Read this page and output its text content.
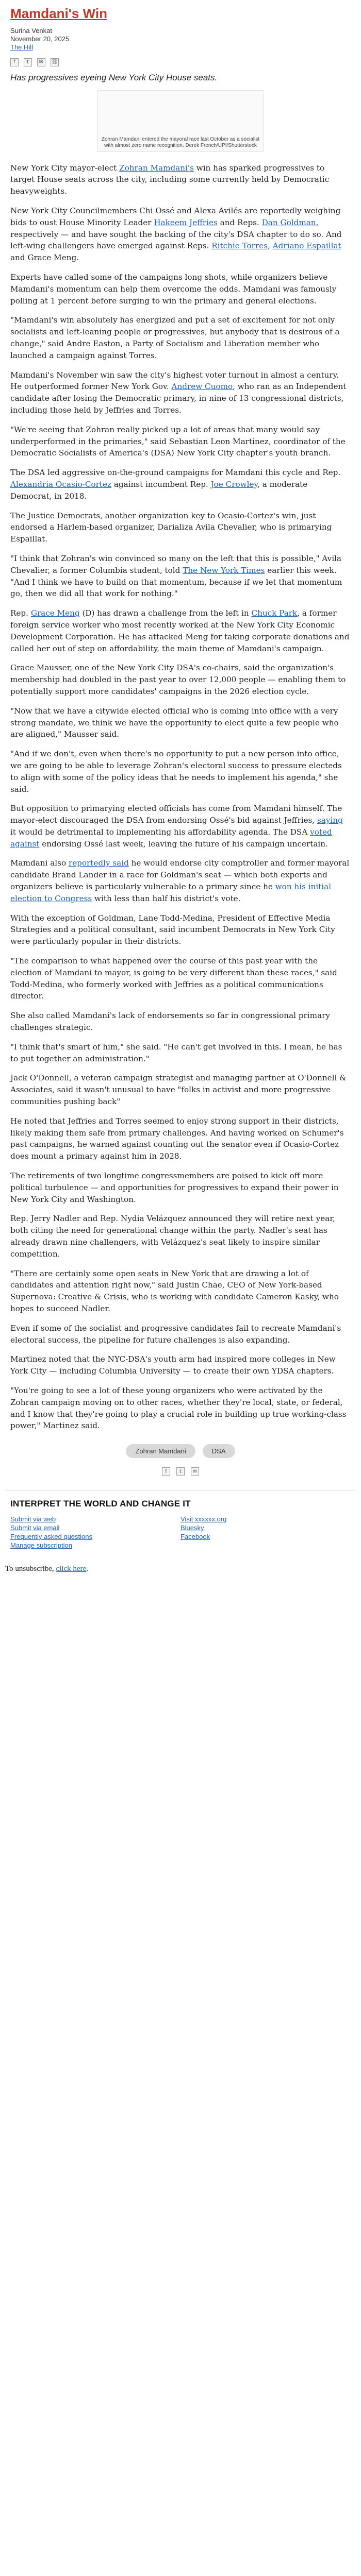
Mamdani's Win
Surina Venkat
November 20, 2025
The Hill
f	t	✉	⛓
Has progressives eyeing New York City House seats.
Zohran Mamdani entered the mayoral race last October as a socialist with almost zero name recognition. Derek French/UPI/Shutterstock

New York City mayor-elect Zohran Mamdani's win has sparked progressives to target House seats across the city, including some currently held by Democratic heavyweights.

New York City Councilmembers Chi Ossé and Alexa Avilés are reportedly weighing bids to oust House Minority Leader Hakeem Jeffries and Reps. Dan Goldman, respectively — and have sought the backing of the city's DSA chapter to do so. And left-wing challengers have emerged against Reps. Ritchie Torres, Adriano Espaillat and Grace Meng.

Experts have called some of the campaigns long shots, while organizers believe Mamdani's momentum can help them overcome the odds. Mamdani was famously polling at 1 percent before surging to win the primary and general elections.

"Mamdani's win absolutely has energized and put a set of excitement for not only socialists and left-leaning people or progressives, but anybody that is desirous of a change," said Andre Easton, a Party of Socialism and Liberation member who launched a campaign against Torres.

Mamdani's November win saw the city's highest voter turnout in almost a century. He outperformed former New York Gov. Andrew Cuomo, who ran as an Independent candidate after losing the Democratic primary, in nine of 13 congressional districts, including those held by Jeffries and Torres.

"We're seeing that Zohran really picked up a lot of areas that many would say underperformed in the primaries," said Sebastian Leon Martinez, coordinator of the Democratic Socialists of America's (DSA) New York City chapter's youth branch.

The DSA led aggressive on-the-ground campaigns for Mamdani this cycle and Rep. Alexandria Ocasio-Cortez against incumbent Rep. Joe Crowley, a moderate Democrat, in 2018.

The Justice Democrats, another organization key to Ocasio-Cortez's win, just endorsed a Harlem-based organizer, Darializa Avila Chevalier, who is primarying Espaillat.

"I think that Zohran's win convinced so many on the left that this is possible," Avila Chevalier, a former Columbia student, told The New York Times earlier this week. "And I think we have to build on that momentum, because if we let that momentum go, then we did all that work for nothing."

Rep. Grace Meng (D) has drawn a challenge from the left in Chuck Park, a former foreign service worker who most recently worked at the New York City Economic Development Corporation. He has attacked Meng for taking corporate donations and called her out of step on affordability, the main theme of Mamdani's campaign.

Grace Mausser, one of the New York City DSA's co-chairs, said the organization's membership had doubled in the past year to over 12,000 people — enabling them to potentially support more candidates' campaigns in the 2026 election cycle.

"Now that we have a citywide elected official who is coming into office with a very strong mandate, we think we have the opportunity to elect quite a few people who are aligned," Mausser said.

"And if we don't, even when there's no opportunity to put a new person into office, we are going to be able to leverage Zohran's electoral success to pressure electeds to align with some of the policy ideas that he needs to implement his agenda," she said.

But opposition to primarying elected officials has come from Mamdani himself. The mayor-elect discouraged the DSA from endorsing Ossé's bid against Jeffries, saying it would be detrimental to implementing his affordability agenda. The DSA voted against endorsing Ossé last week, leaving the future of his campaign uncertain.

Mamdani also reportedly said he would endorse city comptroller and former mayoral candidate Brand Lander in a race for Goldman's seat — which both experts and organizers believe is particularly vulnerable to a primary since he won his initial election to Congress with less than half his district's vote.

With the exception of Goldman, Lane Todd-Medina, President of Effective Media Strategies and a political consultant, said incumbent Democrats in New York City were particularly popular in their districts.

"The comparison to what happened over the course of this past year with the election of Mamdani to mayor, is going to be very different than these races," said Todd-Medina, who formerly worked with Jeffries as a political communications director.

She also called Mamdani's lack of endorsements so far in congressional primary challenges strategic.

"I think that's smart of him," she said. "He can't get involved in this. I mean, he has to put together an administration."

Jack O'Donnell, a veteran campaign strategist and managing partner at O'Donnell & Associates, said it wasn't unusual to have "folks in activist and more progressive communities pushing back"

He noted that Jeffries and Torres seemed to enjoy strong support in their districts, likely making them safe from primary challenges. And having worked on Schumer's past campaigns, he warned against counting out the senator even if Ocasio-Cortez does mount a primary against him in 2028.

The retirements of two longtime congressmembers are poised to kick off more political turbulence — and opportunities for progressives to expand their power in New York City and Washington.

Rep. Jerry Nadler and Rep. Nydia Velázquez announced they will retire next year, both citing the need for generational change within the party. Nadler's seat has already drawn nine challengers, with Velázquez's seat likely to inspire similar competition.

"There are certainly some open seats in New York that are drawing a lot of candidates and attention right now," said Justin Chae, CEO of New York-based Supernova: Creative & Crisis, who is working with candidate Cameron Kasky, who hopes to succeed Nadler.

Even if some of the socialist and progressive candidates fail to recreate Mamdani's electoral success, the pipeline for future challenges is also expanding.

Martinez noted that the NYC-DSA's youth arm had inspired more colleges in New York City — including Columbia University — to create their own YDSA chapters.

"You're going to see a lot of these young organizers who were activated by the Zohran campaign moving on to other races, whether they're local, state, or federal, and I know that they're going to play a crucial role in building up true working-class power," Martinez said.

Zohran Mamdani	DSA
f	t	✉
INTERPRET THE WORLD AND CHANGE IT
Submit via web
Submit via email
Frequently asked questions
Manage subscription
Visit xxxxxx.org
Bluesky
Facebook
To unsubscribe, click here.
